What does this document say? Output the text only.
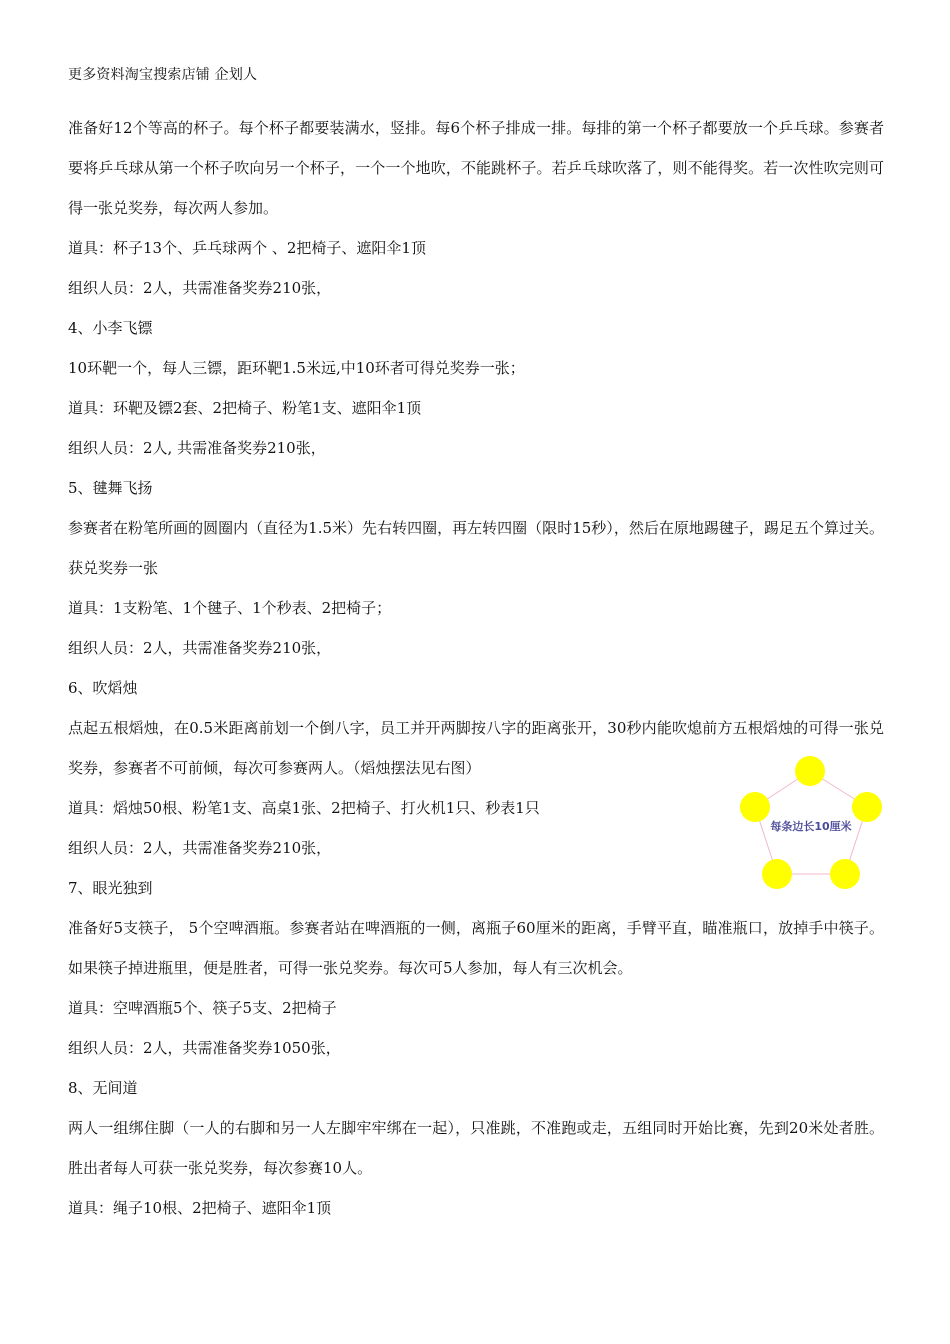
更多资料淘宝搜索店铺 企划人

准备好12个等高的杯子。每个杯子都要装满水，竖排。每6个杯子排成一排。每排的第一个杯子都要放一个乒乓球。参赛者要将乒乓球从第一个杯子吹向另一个杯子，一个一个地吹，不能跳杯子。若乒乓球吹落了，则不能得奖。若一次性吹完则可得一张兑奖券，每次两人参加。

道具：杯子13个、乒乓球两个 、2把椅子、遮阳伞1顶

组织人员：2人，共需准备奖券210张，

4、小李飞镖

10环靶一个，每人三镖，距环靶1.5米远,中10环者可得兑奖券一张；

道具：环靶及镖2套、2把椅子、粉笔1支、遮阳伞1顶

组织人员：2人, 共需准备奖券210张，

5、毽舞飞扬

参赛者在粉笔所画的圆圈内（直径为1.5米）先右转四圈，再左转四圈（限时15秒），然后在原地踢毽子，踢足五个算过关。获兑奖券一张

道具：1支粉笔、1个毽子、1个秒表、2把椅子；

组织人员：2人，共需准备奖券210张，

6、吹熖烛

点起五根熖烛，在0.5米距离前划一个倒八字，员工并开两脚按八字的距离张开，30秒内能吹熄前方五根熖烛的可得一张兑奖券，参赛者不可前倾，每次可参赛两人。（熖烛摆法见右图）

道具：熖烛50根、粉笔1支、高桌1张、2把椅子、打火机1只、秒表1只

组织人员：2人，共需准备奖券210张，

7、眼光独到

准备好5支筷子， 5个空啤酒瓶。参赛者站在啤酒瓶的一侧，离瓶子60厘米的距离，手臂平直，瞄准瓶口，放掉手中筷子。如果筷子掉进瓶里，便是胜者，可得一张兑奖券。每次可5人参加，每人有三次机会。

道具：空啤酒瓶5个、筷子5支、2把椅子

组织人员：2人，共需准备奖券1050张，

8、无间道

两人一组绑住脚（一人的右脚和另一人左脚牢牢绑在一起），只准跳，不准跑或走，五组同时开始比赛，先到20米处者胜。胜出者每人可获一张兑奖券，每次参赛10人。

道具：绳子10根、2把椅子、遮阳伞1顶

每条边长10厘米
